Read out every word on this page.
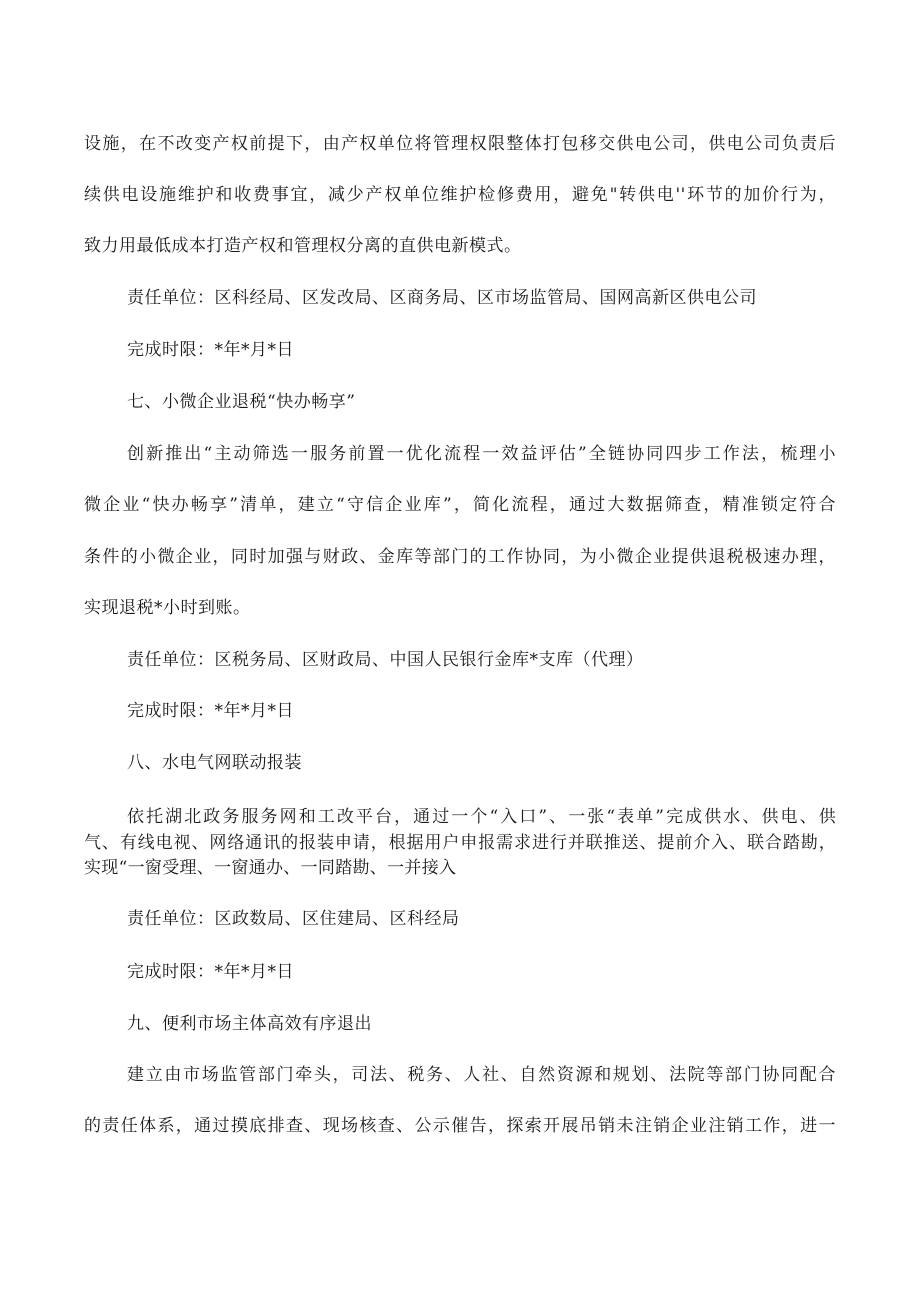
设施，在不改变产权前提下，由产权单位将管理权限整体打包移交供电公司，供电公司负责后
续供电设施维护和收费事宜，减少产权单位维护检修费用，避免"转供电''环节的加价行为，
致力用最低成本打造产权和管理权分离的直供电新模式。
责任单位：区科经局、区发改局、区商务局、区市场监管局、国网高新区供电公司
完成时限：*年*月*日
七、小微企业退税“快办畅享”
创新推出“主动筛选一服务前置一优化流程一效益评估”全链协同四步工作法，梳理小
微企业“快办畅享”清单，建立“守信企业库”，简化流程，通过大数据筛查，精准锁定符合
条件的小微企业，同时加强与财政、金库等部门的工作协同，为小微企业提供退税极速办理，
实现退税*小时到账。
责任单位：区税务局、区财政局、中国人民银行金库*支库（代理）
完成时限：*年*月*日
八、水电气网联动报装
依托湖北政务服务网和工改平台，通过一个“入口”、一张“表单”完成供水、供电、供
气、有线电视、网络通讯的报装申请，根据用户申报需求进行并联推送、提前介入、联合踏勘，
实现“一窗受理、一窗通办、一同踏勘、一并接入
责任单位：区政数局、区住建局、区科经局
完成时限：*年*月*日
九、便利市场主体高效有序退出
建立由市场监管部门牵头，司法、税务、人社、自然资源和规划、法院等部门协同配合
的责任体系，通过摸底排查、现场核查、公示催告，探索开展吊销未注销企业注销工作，进一
